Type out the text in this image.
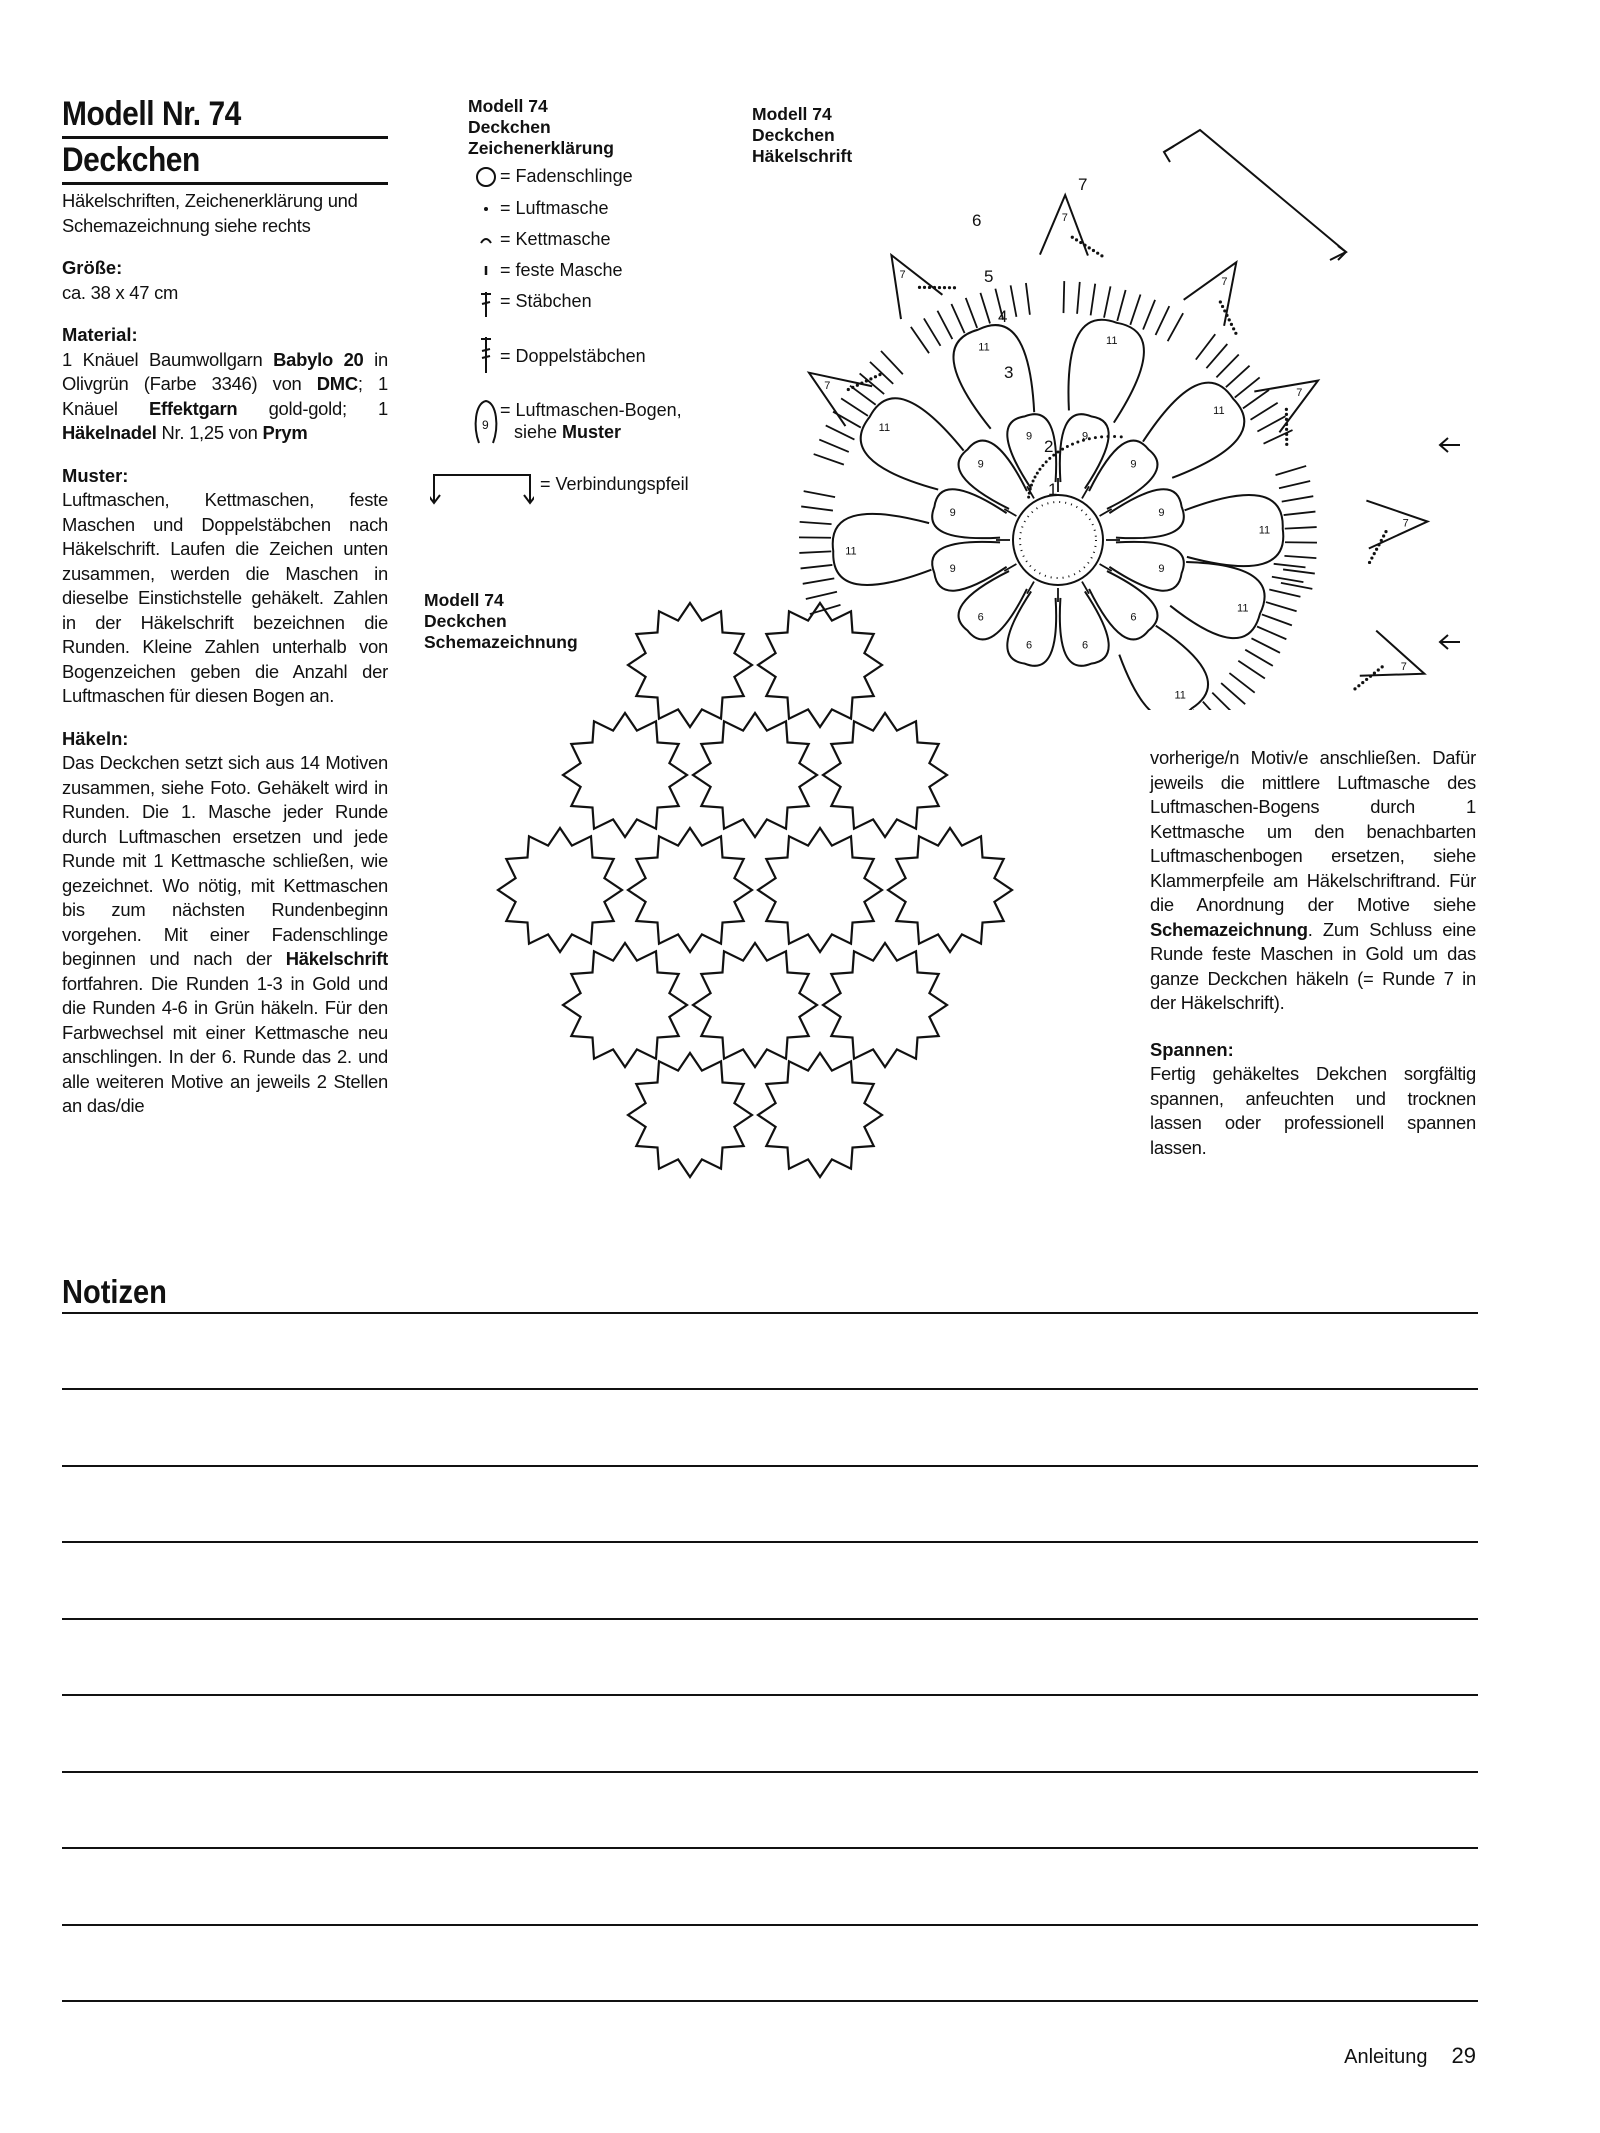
Modell Nr. 74
Deckchen

Häkelschriften, Zeichenerklärung und Schemazeichnung siehe rechts

Größe:

ca. 38 x 47 cm

Material:

1 Knäuel Baumwollgarn Babylo 20 in Olivgrün (Farbe 3346) von DMC; 1 Knäuel Effektgarn gold-gold; 1 Häkelnadel Nr. 1,25 von Prym

Muster:

Luftmaschen, Kettmaschen, feste Maschen und Doppelstäbchen nach Häkelschrift. Laufen die Zeichen unten zusammen, werden die Maschen in dieselbe Einstichstelle gehäkelt. Zahlen in der Häkelschrift bezeichnen die Runden. Kleine Zahlen unterhalb von Bogenzeichen geben die Anzahl der Luftmaschen für diesen Bogen an.

Häkeln:

Das Deckchen setzt sich aus 14 Motiven zusammen, siehe Foto. Gehäkelt wird in Runden. Die 1. Masche jeder Runde durch Luftmaschen ersetzen und jede Runde mit 1 Kettmasche schließen, wie gezeichnet. Wo nötig, mit Kettmaschen bis zum nächsten Rundenbeginn vorgehen. Mit einer Fadenschlinge beginnen und nach der Häkelschrift fortfahren. Die Runden 1-3 in Gold und die Runden 4-6 in Grün häkeln. Für den Farbwechsel mit einer Kettmasche neu anschlingen. In der 6. Runde das 2. und alle weiteren Motive an jeweils 2 Stellen an das/die

Modell 74
Deckchen
Zeichenerklärung
= Fadenschlinge
= Luftmasche
= Kettmasche
= feste Masche
= Stäbchen
= Doppelstäbchen
9
= Luftmaschen-Bogen,
siehe Muster
= Verbindungspfeil
Modell 74
Deckchen
Häkelschrift
1
2
3
4
5
6
7
11
11
11
11
11
11
11
11
9
6
6
6
6
9
9
9
9	9
9
9
7
7
7
7
7
7
7
Modell 74
Deckchen
Schemazeichnung

vorherige/n Motiv/e anschließen. Dafür jeweils die mittlere Luftmasche des Luftmaschen-Bogens durch 1 Kettmasche um den benachbarten Luftmaschenbogen ersetzen, siehe Klammerpfeile am Häkelschriftrand. Für die Anordnung der Motive siehe Schemazeichnung. Zum Schluss eine Runde feste Maschen in Gold um das ganze Deckchen häkeln (= Runde 7 in der Häkelschrift).

Spannen:

Fertig gehäkeltes Dekchen sorgfältig spannen, anfeuchten und trocknen lassen oder professionell spannen lassen.

Notizen
Anleitung 29
